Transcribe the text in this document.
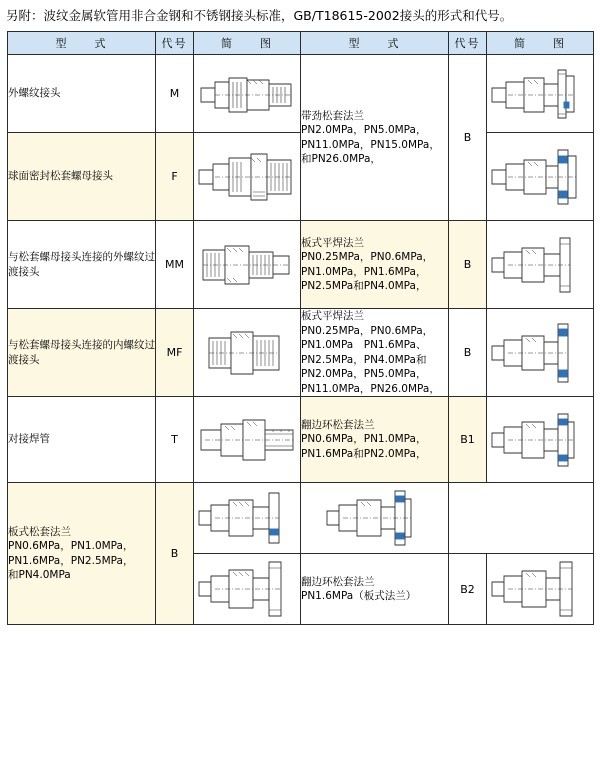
另附：波纹金属软管用非合金钢和不锈钢接头标准，GB/T18615-2002接头的形式和代号。
型　　式	代号	简　　图	型　　式	代号	简　　图
外螺纹接头	M		带劲松套法兰
PN2.0MPa，PN5.0MPa，
PN11.0MPa，PN15.0MPa，
和PN26.0MPa，	B	

球面密封松套螺母接头	F	

与松套螺母接头连接的外螺纹过渡接头	MM		板式平焊法兰
PN0.25MPa，PN0.6MPa，
PN1.0MPa，PN1.6MPa，
PN2.5MPa和PN4.0MPa，	B	

与松套螺母接头连接的内螺纹过渡接头	MF	
	板式平焊法兰
PN0.25MPa，PN0.6MPa，
PN1.0MPa　PN1.6MPa、
PN2.5MPa，PN4.0MPa和
PN2.0MPa，PN5.0MPa，
PN11.0MPa，PN26.0MPa，	B	

对接焊管	T		翻边环松套法兰
PN0.6MPa，PN1.0MPa，
PN1.6MPa和PN2.0MPa，	B1	

板式松套法兰
PN0.6MPa，PN1.0MPa，
PN1.6MPa，PN2.5MPa，
和PN4.0MPa	B	

	翻边环松套法兰
PN1.6MPa（板式法兰）	B2	
